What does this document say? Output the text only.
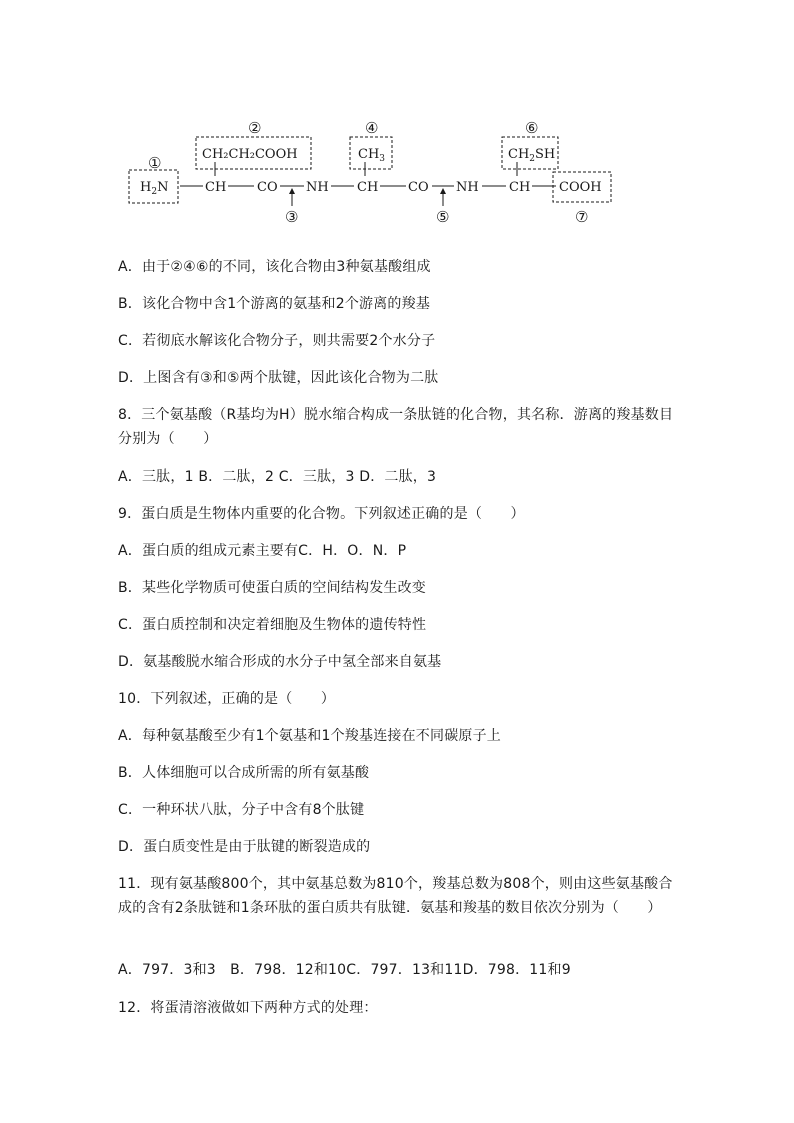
①
②
③
④
⑤
⑥
⑦
CH₂CH₂COOH	$CH_3$	$CH_2SH$
$H_2N$	CH CO NH CH CO NH CH COOH
A．由于②④⑥的不同，该化合物由3种氨基酸组成
B．该化合物中含1个游离的氨基和2个游离的羧基
C．若彻底水解该化合物分子，则共需要2个水分子
D．上图含有③和⑤两个肽键，因此该化合物为二肽
8．三个氨基酸（R基均为H）脱水缩合构成一条肽链的化合物，其名称．游离的羧基数目分别为（　　）
A．三肽，1 B．二肽，2 C．三肽，3 D．二肽，3
9．蛋白质是生物体内重要的化合物。下列叙述正确的是（　　）
A．蛋白质的组成元素主要有C．H．O．N．P
B．某些化学物质可使蛋白质的空间结构发生改变
C．蛋白质控制和决定着细胞及生物体的遗传特性
D．氨基酸脱水缩合形成的水分子中氢全部来自氨基
10．下列叙述，正确的是（　　）
A．每种氨基酸至少有1个氨基和1个羧基连接在不同碳原子上
B．人体细胞可以合成所需的所有氨基酸
C．一种环状八肽，分子中含有8个肽键
D．蛋白质变性是由于肽键的断裂造成的
11．现有氨基酸800个，其中氨基总数为810个，羧基总数为808个，则由这些氨基酸合成的含有2条肽链和1条环肽的蛋白质共有肽键．氨基和羧基的数目依次分别为（　　）
A．797．3和3　B．798．12和10C．797．13和11D．798．11和9
12．将蛋清溶液做如下两种方式的处理：
